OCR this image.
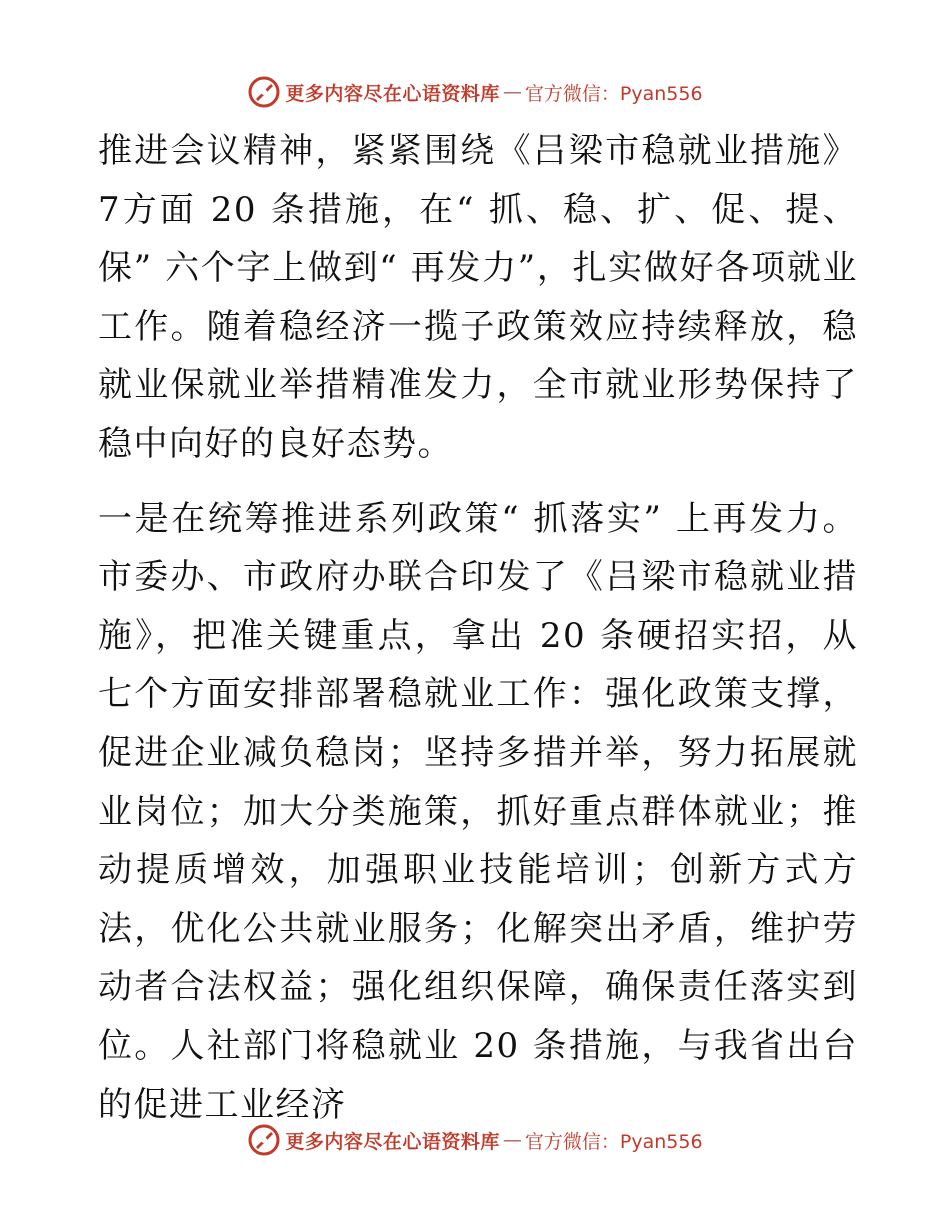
更多内容尽在心语资料库 — 官方微信：Pyan556

推进会议精神，紧紧围绕《吕梁市稳就业措施》7方面 20 条措施，在“ 抓、稳、扩、促、提、保” 六个字上做到“ 再发力”，扎实做好各项就业工作。随着稳经济一揽子政策效应持续释放，稳就业保就业举措精准发力，全市就业形势保持了稳中向好的良好态势。

一是在统筹推进系列政策“ 抓落实” 上再发力。市委办、市政府办联合印发了《吕梁市稳就业措施》，把准关键重点，拿出 20 条硬招实招，从七个方面安排部署稳就业工作：强化政策支撑，促进企业减负稳岗；坚持多措并举，努力拓展就业岗位；加大分类施策，抓好重点群体就业；推动提质增效，加强职业技能培训；创新方式方法，优化公共就业服务；化解突出矛盾，维护劳动者合法权益；强化组织保障，确保责任落实到位。人社部门将稳就业 20 条措施，与我省出台的促进工业经济

更多内容尽在心语资料库 — 官方微信：Pyan556
